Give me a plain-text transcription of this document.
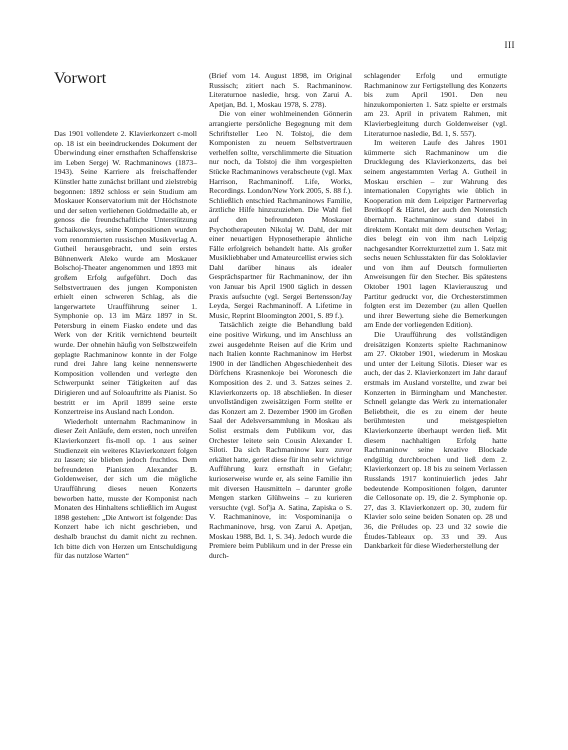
III
Vorwort

Das 1901 vollendete 2. Klavierkonzert c-moll op. 18 ist ein beeindruckendes Dokument der Überwindung einer ernsthaften Schaffenskrise im Leben Sergej W. Rachmaninows (1873–1943). Seine Karriere als freischaffender Künstler hatte zunächst brillant und zielstrebig begonnen: 1892 schloss er sein Studium am Moskauer Konservatorium mit der Höchstnote und der selten verliehenen Goldmedaille ab, er genoss die freundschaftliche Unterstützung Tschaikowskys, seine Kompositionen wurden vom renommierten russischen Musikverlag A. Gutheil herausgebracht, und sein erstes Bühnenwerk Aleko wurde am Moskauer Bolschoj-Theater angenommen und 1893 mit großem Erfolg aufgeführt. Doch das Selbstvertrauen des jungen Komponisten erhielt einen schweren Schlag, als die langerwartete Uraufführung seiner 1. Symphonie op. 13 im März 1897 in St. Petersburg in einem Fiasko endete und das Werk von der Kritik vernichtend beurteilt wurde. Der ohnehin häufig von Selbstzweifeln geplagte Rachmaninow konnte in der Folge rund drei Jahre lang keine nennenswerte Komposition vollenden und verlegte den Schwerpunkt seiner Tätigkeiten auf das Dirigieren und auf Soloauftritte als Pianist. So bestritt er im April 1899 seine erste Konzertreise ins Ausland nach London.

Wiederholt unternahm Rachmaninow in dieser Zeit Anläufe, dem ersten, noch unreifen Klavierkonzert fis-moll op. 1 aus seiner Studienzeit ein weiteres Klavierkonzert folgen zu lassen; sie blieben jedoch fruchtlos. Dem befreundeten Pianisten Alexander B. Goldenweiser, der sich um die mögliche Uraufführung dieses neuen Konzerts beworben hatte, musste der Komponist nach Monaten des Hinhaltens schließlich im August 1898 gestehen: „Die Antwort ist folgende: Das Konzert habe ich nicht geschrieben, und deshalb brauchst du damit nicht zu rechnen. Ich bitte dich von Herzen um Entschuldigung für das nutzlose Warten“

(Brief vom 14. August 1898, im Original Russisch; zitiert nach S. Rachmaninow. Literaturnoe nasledie, hrsg. von Zarui A. Apetjan, Bd. 1, Moskau 1978, S. 278).

Die von einer wohlmeinenden Gönnerin arrangierte persönliche Begegnung mit dem Schriftsteller Leo N. Tolstoj, die dem Komponisten zu neuem Selbstvertrauen verhelfen sollte, verschlimmerte die Situation nur noch, da Tolstoj die ihm vorgespielten Stücke Rachmaninows verabscheute (vgl. Max Harrison, Rachmaninoff. Life, Works, Recordings. London/New York 2005, S. 88 f.). Schließlich entschied Rachmaninows Familie, ärztliche Hilfe hinzuzuziehen. Die Wahl fiel auf den befreundeten Moskauer Psychotherapeuten Nikolaj W. Dahl, der mit einer neuartigen Hypnosetherapie ähnliche Fälle erfolgreich behandelt hatte. Als großer Musikliebhaber und Amateurcellist erwies sich Dahl darüber hinaus als idealer Gesprächspartner für Rachmaninow, der ihn von Januar bis April 1900 täglich in dessen Praxis aufsuchte (vgl. Sergei Bertensson/Jay Leyda, Sergei Rachmaninoff. A Lifetime in Music, Reprint Bloomington 2001, S. 89 f.).

Tatsächlich zeigte die Behandlung bald eine positive Wirkung, und im Anschluss an zwei ausgedehnte Reisen auf die Krim und nach Italien konnte Rachmaninow im Herbst 1900 in der ländlichen Abgeschiedenheit des Dörfchens Krasnenkoje bei Woronesch die Komposition des 2. und 3. Satzes seines 2. Klavierkonzerts op. 18 abschließen. In dieser unvollständigen zweisätzigen Form stellte er das Konzert am 2. Dezember 1900 im Großen Saal der Adelsversammlung in Moskau als Solist erstmals dem Publikum vor, das Orchester leitete sein Cousin Alexander I. Siloti. Da sich Rachmaninow kurz zuvor erkältet hatte, geriet diese für ihn sehr wichtige Aufführung kurz ernsthaft in Gefahr; kurioserweise wurde er, als seine Familie ihn mit diversen Hausmitteln – darunter große Mengen starken Glühweins – zu kurieren versuchte (vgl. Sof'ja A. Satina, Zapiska o S. V. Rachmaninove, in: Vospominanija o Rachmaninove, hrsg. von Zarui A. Apetjan, Moskau 1988, Bd. 1, S. 34). Jedoch wurde die Premiere beim Publikum und in der Presse ein durch-

schlagender Erfolg und ermutigte Rachmaninow zur Fertigstellung des Konzerts bis zum April 1901. Den neu hinzukomponierten 1. Satz spielte er erstmals am 23. April in privatem Rahmen, mit Klavierbegleitung durch Goldenweiser (vgl. Literaturnoe nasledie, Bd. 1, S. 557).

Im weiteren Laufe des Jahres 1901 kümmerte sich Rachmaninow um die Drucklegung des Klavierkonzerts, das bei seinem angestammten Verlag A. Gutheil in Moskau erschien – zur Wahrung des internationalen Copyrights wie üblich in Kooperation mit dem Leipziger Partnerverlag Breitkopf & Härtel, der auch den Notenstich übernahm. Rachmaninow stand dabei in direktem Kontakt mit dem deutschen Verlag; dies belegt ein von ihm nach Leipzig nachgesandter Korrekturzettel zum 1. Satz mit sechs neuen Schlusstakten für das Soloklavier und von ihm auf Deutsch formulierten Anweisungen für den Stecher. Bis spätestens Oktober 1901 lagen Klavierauszug und Partitur gedruckt vor, die Orchesterstimmen folgten erst im Dezember (zu allen Quellen und ihrer Bewertung siehe die Bemerkungen am Ende der vorliegenden Edition).

Die Uraufführung des vollständigen dreisätzigen Konzerts spielte Rachmaninow am 27. Oktober 1901, wiederum in Moskau und unter der Leitung Silotis. Dieser war es auch, der das 2. Klavierkonzert im Jahr darauf erstmals im Ausland vorstellte, und zwar bei Konzerten in Birmingham und Manchester. Schnell gelangte das Werk zu internationaler Beliebtheit, die es zu einem der heute berühmtesten und meistgespielten Klavierkonzerte überhaupt werden ließ. Mit diesem nachhaltigen Erfolg hatte Rachmaninow seine kreative Blockade endgültig durchbrochen und ließ dem 2. Klavierkonzert op. 18 bis zu seinem Verlassen Russlands 1917 kontinuierlich jedes Jahr bedeutende Kompositionen folgen, darunter die Cellosonate op. 19, die 2. Symphonie op. 27, das 3. Klavierkonzert op. 30, zudem für Klavier solo seine beiden Sonaten op. 28 und 36, die Préludes op. 23 und 32 sowie die Études-Tableaux op. 33 und 39. Aus Dankbarkeit für diese Wiederherstellung der
